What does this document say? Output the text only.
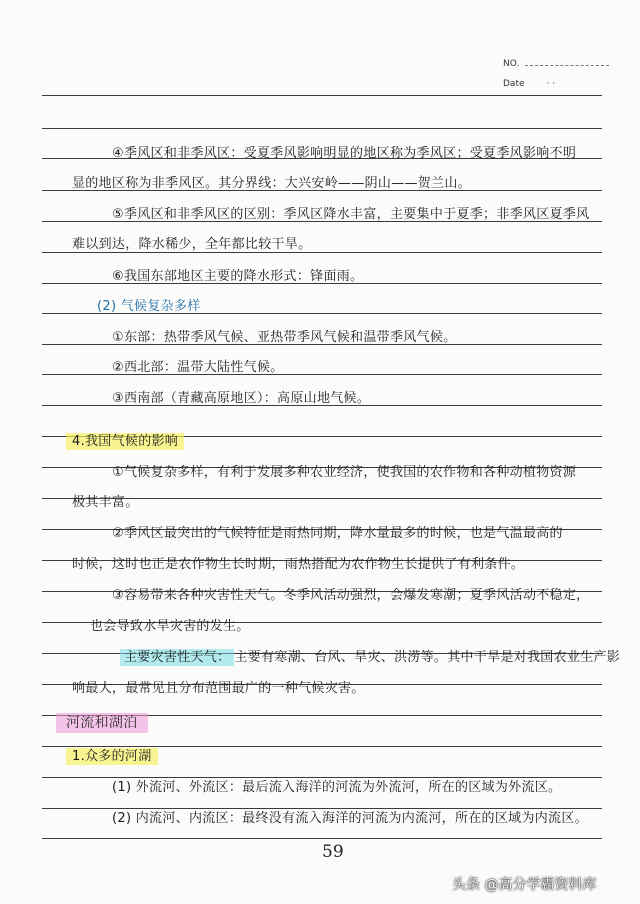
NO.
Date · ·
④季风区和非季风区：受夏季风影响明显的地区称为季风区；受夏季风影响不明
显的地区称为非季风区。其分界线：大兴安岭——阴山——贺兰山。
⑤季风区和非季风区的区别：季风区降水丰富，主要集中于夏季；非季风区夏季风
难以到达，降水稀少，全年都比较干旱。
⑥我国东部地区主要的降水形式：锋面雨。
(2) 气候复杂多样
①东部：热带季风气候、亚热带季风气候和温带季风气候。
②西北部：温带大陆性气候。
③西南部（青藏高原地区）：高原山地气候。
4.我国气候的影响
①气候复杂多样，有利于发展多种农业经济，使我国的农作物和各种动植物资源
极其丰富。
②季风区最突出的气候特征是雨热同期，降水量最多的时候，也是气温最高的
时候，这时也正是农作物生长时期，雨热搭配为农作物生长提供了有利条件。
③容易带来各种灾害性天气。冬季风活动强烈，会爆发寒潮；夏季风活动不稳定，
也会导致水旱灾害的发生。
主要灾害性天气： 主要有寒潮、台风、旱灾、洪涝等。其中干旱是对我国农业生产影
响最大，最常见且分布范围最广的一种气候灾害。
河流和湖泊
1.众多的河湖
(1) 外流河、外流区：最后流入海洋的河流为外流河，所在的区域为外流区。
(2) 内流河、内流区：最终没有流入海洋的河流为内流河，所在的区域为内流区。
59
头条 @高分学霸资料库
